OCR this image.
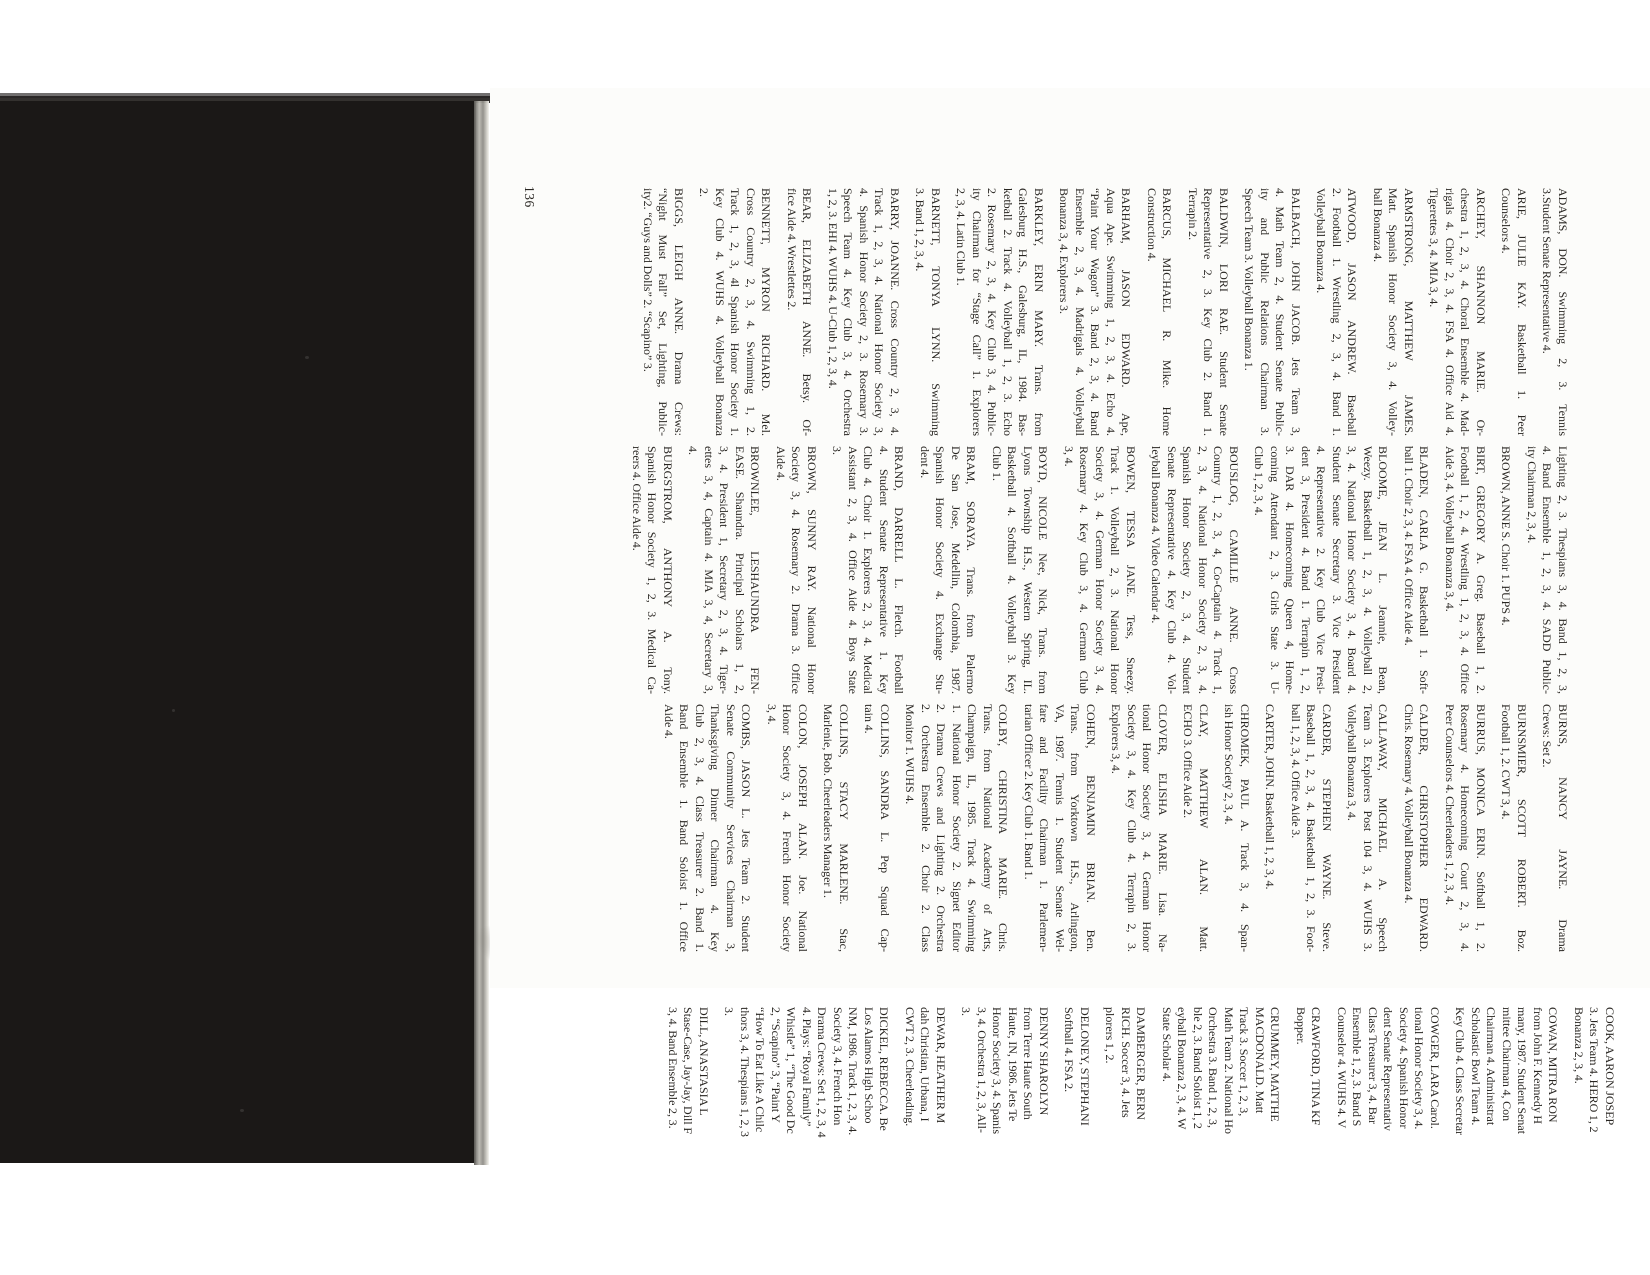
ADAMS, DON. Swimming 2, 3. Tennis
3.Student Senate Representative 4.
ARIE, JULIE KAY. Basketball 1. Peer
Counselors 4.
ARCHEY, SHANNON MARIE. Or-
chestra 1, 2, 3, 4. Choral Ensemble 4. Mad-
rigals 4. Choir 2, 3, 4. FSA 4. Office Aid 4.
Tigerettes 3, 4. MIA 3, 4.
ARMSTRONG, MATTHEW JAMES.
Matt. Spanish Honor Society 3, 4. Volley-
ball Bonanza 4.
ATWOOD, JASON ANDREW. Baseball
2. Football 1. Wrestling 2, 3, 4. Band 1.
Volleyball Bonanza 4.
BALBACH, JOHN JACOB. Jets Team 3,
4. Math Team 2, 4. Student Senate Public-
ity and Public Relations Chairman 3.
Speech Team 3. Volleyball Bonanza 1.
BALDWIN, LORI RAE. Student Senate
Representative 2, 3. Key Club 2. Band 1.
Terrapin 2.
BARCUS, MICHAEL R. Mike. Home
Construction 4.
BARHAM, JASON EDWARD. Ape,
Aqua Ape. Swimming 1, 2, 3, 4. Echo 4.
“Paint Your Wagon” 3. Band 2, 3, 4. Band
Ensemble 2, 3, 4. Madrigals 4. Volleyball
Bonanza 3, 4. Explorers 3.
BARKLEY, ERIN MARY. Trans. from
Galesburg H.S., Galesburg, IL, 1984. Bas-
ketball 2. Track 4. Volleyball 1, 2, 3. Echo
2. Rosemary 2, 3, 4. Key Club 3, 4. Public-
ity Chairman for “Stage Call” 1. Explorers
2, 3, 4. Latin Club 1.
BARNETT, TONYA LYNN. Swimming
3. Band 1, 2, 3, 4.
BARRY, JOANNE. Cross Country 2, 3, 4.
Track 1, 2, 3, 4. National Honor Society 3,
4. Spanish Honor Society 2, 3. Rosemary 3.
Speech Team 4. Key Club 3, 4. Orchestra
1, 2, 3. EHI 4. WUHS 4. U-Club 1, 2, 3, 4.
BEAR, ELIZABETH ANNE. Betsy. Of-
fice Aide 4. Wrestlettes 2.
BENNETT, MYRON RICHARD. Mel.
Cross Country 2, 3, 4. Swimming 1, 2.
Track 1, 2, 3, 4l Spanish Honor Society 1.
Key Club 4. WUHS 4. Volleyball Bonanza
2.
BIGGS, LEIGH ANNE. Drama Crews:
“Night Must Fall” Set, Lighting, Public-
ity2. “Guys and Dolls” 2. “Scapino” 3.
Lighting 2, 3. Thespians 3, 4. Band 1, 2, 3,
4. Band Ensemble 1, 2, 3, 4. SADD Public-
ity Chairman 2, 3, 4.
BROWN, ANNE S. Choir 1. PUPS 4.
BIRT, GREGORY A. Greg. Baseball 1, 2.
Football 1, 2, 4. Wrestling 1, 2, 3, 4. Office
Aide 3, 4. Volleyball Bonanza 3, 4.
BLADEN, CARLA G. Basketball 1. Soft-
ball 1. Choir 2, 3, 4. FSA 4. Office Aide 4.
BLOOME, JEAN L. Jeannie, Bean,
Weezy. Basketball 1, 2, 3, 4. Volleyball 2,
3, 4. National Honor Society 3, 4. Board 4.
Student Senate Secretary 3. Vice President
4. Representative 2. Key Club Vice Presi-
dent 3, President 4. Band 1. Terrapin 1, 2,
3. DAR 4. Homecoming Queen 4, Home-
coming Attendant 2, 3. Girls State 3. U-
Club 1, 2, 3, 4.
BOUSLOG, CAMILLE ANNE. Cross
Country 1, 2, 3, 4, Co-Captain 4. Track 1,
2, 3, 4. National Honor Society 2, 3, 4.
Spanish Honor Society 2, 3, 4. Student
Senate Representative 4. Key Club 4. Vol-
leyball Bonanza 4. Video Calendar 4.
BOWEN, TESSA JANE. Tess, Sneezy.
Track 1. Volleyball 2, 3. National Honor
Society 3, 4. German Honor Society 3, 4.
Rosemary 4. Key Club 3, 4. German Club
3, 4.
BOYD, NICOLE Nee, Nick, Trans. from
Lyons Township H.S., Western Spring, IL.
Basketball 4. Softball 4. Volleyball 3. Key
Club 1.
BRAM, SORAYA. Trans. from Palermo
De San Jose, Medellin, Colombia, 1987.
Spanish Honor Society 4. Exchange Stu-
dent 4.
BRAND, DARRELL L. Fletch. Football
4. Student Senate Representative 1. Key
Club 4. Choir 1. Explorers 2, 3, 4. Medical
Assistant 2, 3, 4. Office Aide 4. Boys State
3.
BROWN, SUNNY RAY. National Honor
Society 3, 4. Rosemary 2. Drama 3. Office
Aide 4.
BROWNLEE, LESHAUNDRA FEN-
EASE. Shaundra. Principal Scholars 1, 2,
3, 4. President 1, Secretary 2, 3, 4. Tiger-
ettes 3, 4, Captain 4. MIA 3, 4, Secretary 3,
4.
BURGSTROM, ANTHONY A. Tony.
Spanish Honor Society 1, 2, 3. Medical Ca-
reers 4. Office Aide 4.
BURNS, NANCY JAYNE. Drama
Crews: Set 2.
BURNSMIER, SCOTT ROBERT. Boz.
Football 1, 2. CWT 3, 4.
BURRUS, MONICA ERIN. Softball 1, 2.
Rosemary 4. Homecoming Court 2, 3, 4.
Peer Counselors 4. Cheerleaders 1, 2, 3, 4.
CALDER, CHRISTOPHER EDWARD.
Chris. Rosemary 4. Volleyball Bonanza 4.
CALLAWAY, MICHAEL A. Speech
Team 3. Explorers Post 104 3, 4. WUHS 3.
Volleyball Bonanza 3, 4.
CARDER, STEPHEN WAYNE. Steve.
Baseball 1, 2, 3, 4. Basketball 1, 2, 3. Foot-
ball 1, 2, 3, 4. Office Aide 3.
CARTER, JOHN. Basketball 1, 2, 3, 4.
CHROMEK, PAUL A. Track 3, 4. Span-
ish Honor Society 2, 3, 4.
CLAY, MATTHEW ALAN. Matt.
ECHO 3. Office Aide 2.
CLOVER, ELISHA MARIE. Lisa. Na-
tional Honor Society 3, 4. German Honor
Society 3, 4. Key Club 4. Terrapin 2, 3.
Explorers 3, 4.
COHEN, BENJAMIN BRIAN. Ben.
Trans. from Yorktown H.S., Arlington,
VA, 1987. Tennis 1. Student Senate Wel-
fare and Facility Chairman 1. Parlemen-
tarian Officer 2. Key Club 1. Band 1.
COLBY, CHRISTINA MARIE. Chris.
Trans. from National Academy of Arts,
Champaign, IL, 1985. Track 4. Swimming
1. National Honor Society 2. Signet Editor
2. Drama Crews and Lighting 2. Orchestra
2. Orchestra Ensemble 2. Choir 2. Class
Monitor 1. WUHS 4.
COLLINS, SANDRA L. Pep Squad Cap-
tain 4.
COLLINS, STACY MARLENE. Stac,
Marlenie, Bob. Cheerleaders Manager 1.
COLON, JOSEPH ALAN. Joe. National
Honor Society 3, 4. French Honor Society
3, 4.
COMBS, JASON L. Jets Team 2. Student
Senate Community Services Chairman 3,
Thanksgiving Dinner Chairman 4. Key
Club 2, 3, 4. Class Treasurer 2. Band 1.
Band Ensemble 1. Band Soloist 1. Office
Aide 4.
136
COOK, AARON JOSEP
3. Jets Team 4. HERO 1, 2
Bonanza 2, 3, 4.
COWAN, MITRA RON
from John F. Kennedy H
many, 1987. Student Senat
mittee Chairman 4, Con
Chairman 4. Administrat
Scholastic Bowl Team 4.
Key Club 4. Class Secretar
COWGER, LARA Carol.
tional Honor Society 3, 4.
Society 4. Spanish Honor
dent Senate Representativ
Class Treasurer 3, 4. Bar
Ensemble 1, 2, 3. Band S
Counselor 4. WUHS 4. V
CRAWFORD, TINA KF
Bopper.
CRUMMEY, MATTHE
MACDONALD. Matt
Track 3. Soccer 1, 2, 3,
Math Team 2. National Ho
Orchestra 3. Band 1, 2, 3,
ble 2, 3. Band Soloist 1, 2
eyball Bonanza 2, 3, 4. W
State Scholar 4.
DAMBERGER, BERN
RICH. Soccer 3, 4. Jets
plorers 1, 2.
DELONEY, STEPHANI
Softball 4. FSA 2.
DENNY SHAROLYN
from Terre Haute South
Haute, IN, 1986. Jets Te
Honor Society 3, 4. Spanis
3, 4. Orchestra 1, 2, 3, All-
3.
DEWAR, HEATHER M
dah Christian, Urbana, I
CWT 2, 3. Cheerleading.
DICKEL, REBECCA. Be
Los Alamos High Schoo
NM, 1986. Track 1, 2, 3, 4.
Society 3, 4. French Hon
Drama Crews: Set 1, 2, 3, 4
4. Plays: “Royal Family”
Whistle” 1, “The Good Dc
2, “Scapino” 3, “Paint Y
“How To Eat Like A Chilc
thors 3, 4. Thespians 1, 2, 3
3.
DILL, ANASTASIA L
Stase-Case, Jay-Jay, Dill F
3, 4. Band Ensemble 2, 3.
